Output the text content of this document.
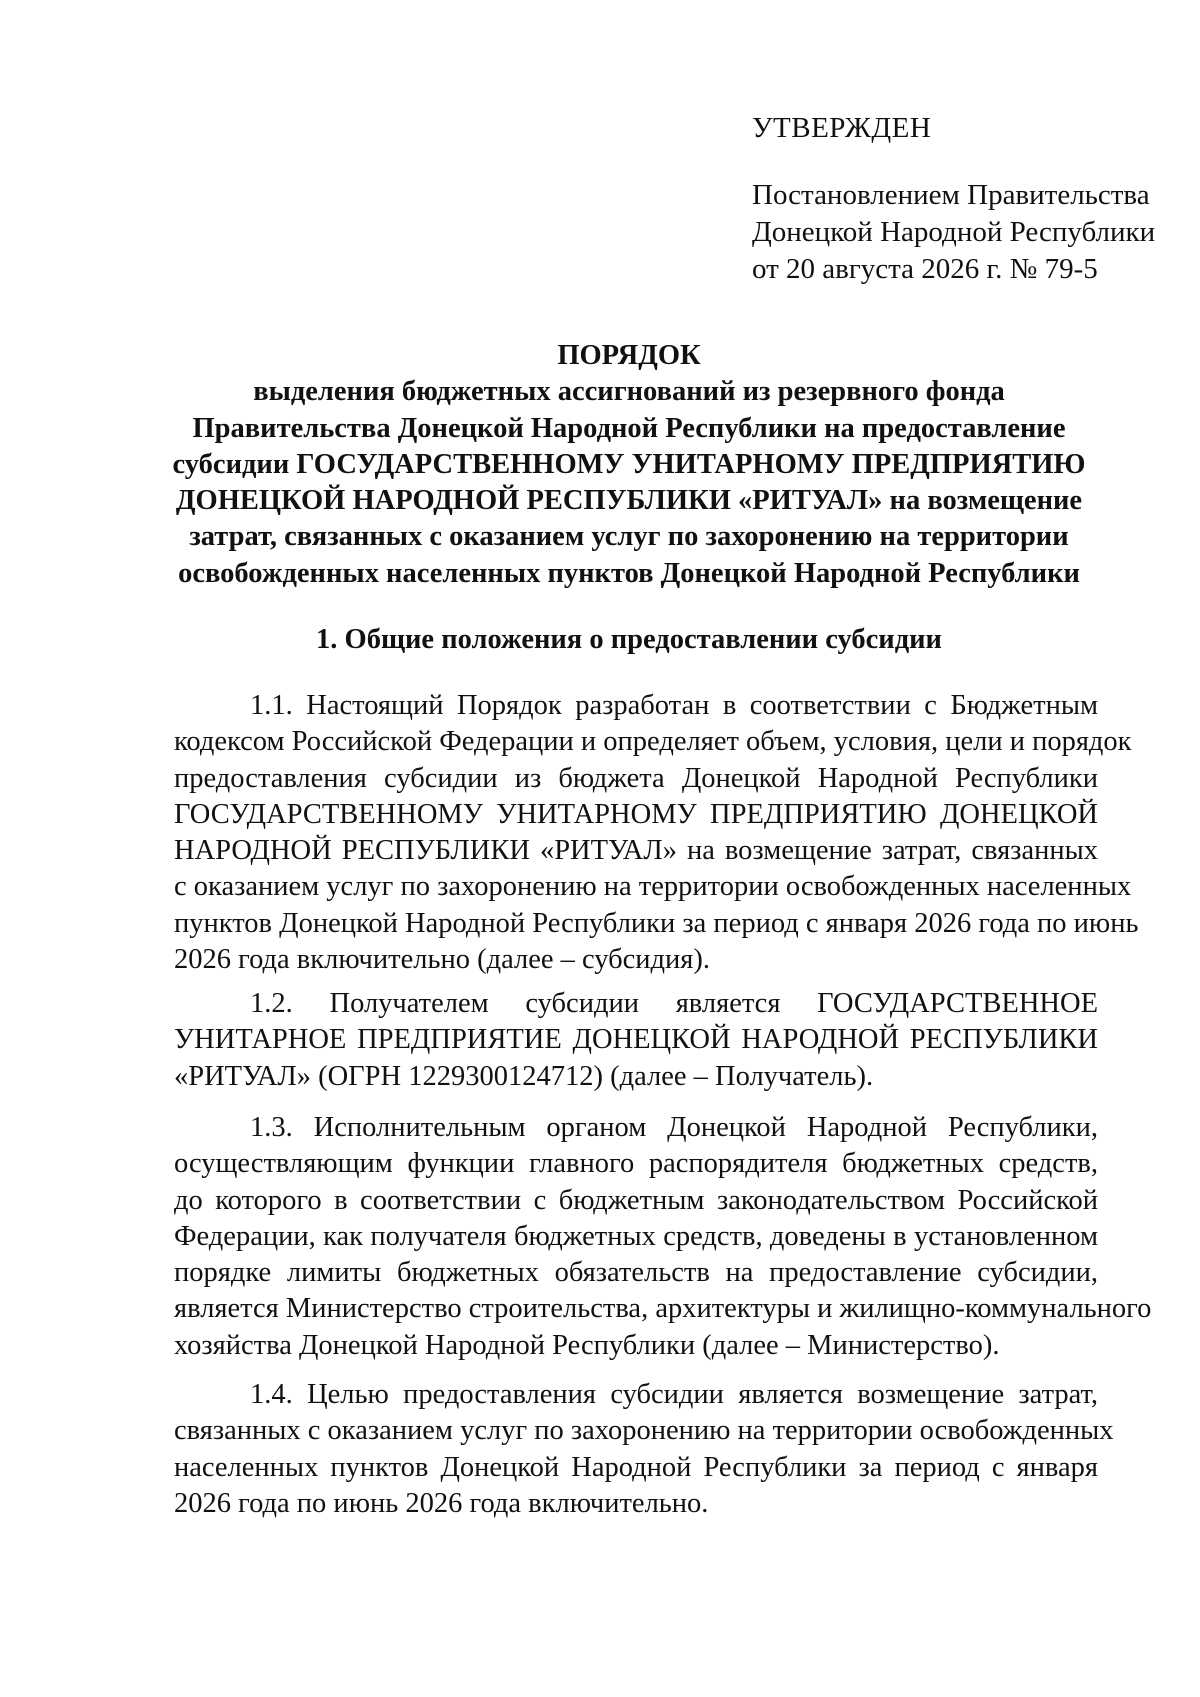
УТВЕРЖДЕН
Постановлением Правительства
Донецкой Народной Республики
от 20 августа 2026 г. № 79-5
ПОРЯДОК
выделения бюджетных ассигнований из резервного фонда
Правительства Донецкой Народной Республики на предоставление
субсидии ГОСУДАРСТВЕННОМУ УНИТАРНОМУ ПРЕДПРИЯТИЮ
ДОНЕЦКОЙ НАРОДНОЙ РЕСПУБЛИКИ «РИТУАЛ» на возмещение
затрат, связанных с оказанием услуг по захоронению на территории
освобожденных населенных пунктов Донецкой Народной Республики
1. Общие положения о предоставлении субсидии
1.1. Настоящий Порядок разработан в соответствии с Бюджетным
кодексом Российской Федерации и определяет объем, условия, цели и порядок
предоставления субсидии из бюджета Донецкой Народной Республики
ГОСУДАРСТВЕННОМУ УНИТАРНОМУ ПРЕДПРИЯТИЮ ДОНЕЦКОЙ
НАРОДНОЙ РЕСПУБЛИКИ «РИТУАЛ» на возмещение затрат, связанных
с оказанием услуг по захоронению на территории освобожденных населенных
пунктов Донецкой Народной Республики за период с января 2026 года по июнь
2026 года включительно (далее – субсидия).
1.2. Получателем субсидии является ГОСУДАРСТВЕННОЕ
УНИТАРНОЕ ПРЕДПРИЯТИЕ ДОНЕЦКОЙ НАРОДНОЙ РЕСПУБЛИКИ
«РИТУАЛ» (ОГРН 1229300124712) (далее – Получатель).
1.3. Исполнительным органом Донецкой Народной Республики,
осуществляющим функции главного распорядителя бюджетных средств,
до которого в соответствии с бюджетным законодательством Российской
Федерации, как получателя бюджетных средств, доведены в установленном
порядке лимиты бюджетных обязательств на предоставление субсидии,
является Министерство строительства, архитектуры и жилищно-коммунального
хозяйства Донецкой Народной Республики (далее – Министерство).
1.4. Целью предоставления субсидии является возмещение затрат,
связанных с оказанием услуг по захоронению на территории освобожденных
населенных пунктов Донецкой Народной Республики за период с января
2026 года по июнь 2026 года включительно.
